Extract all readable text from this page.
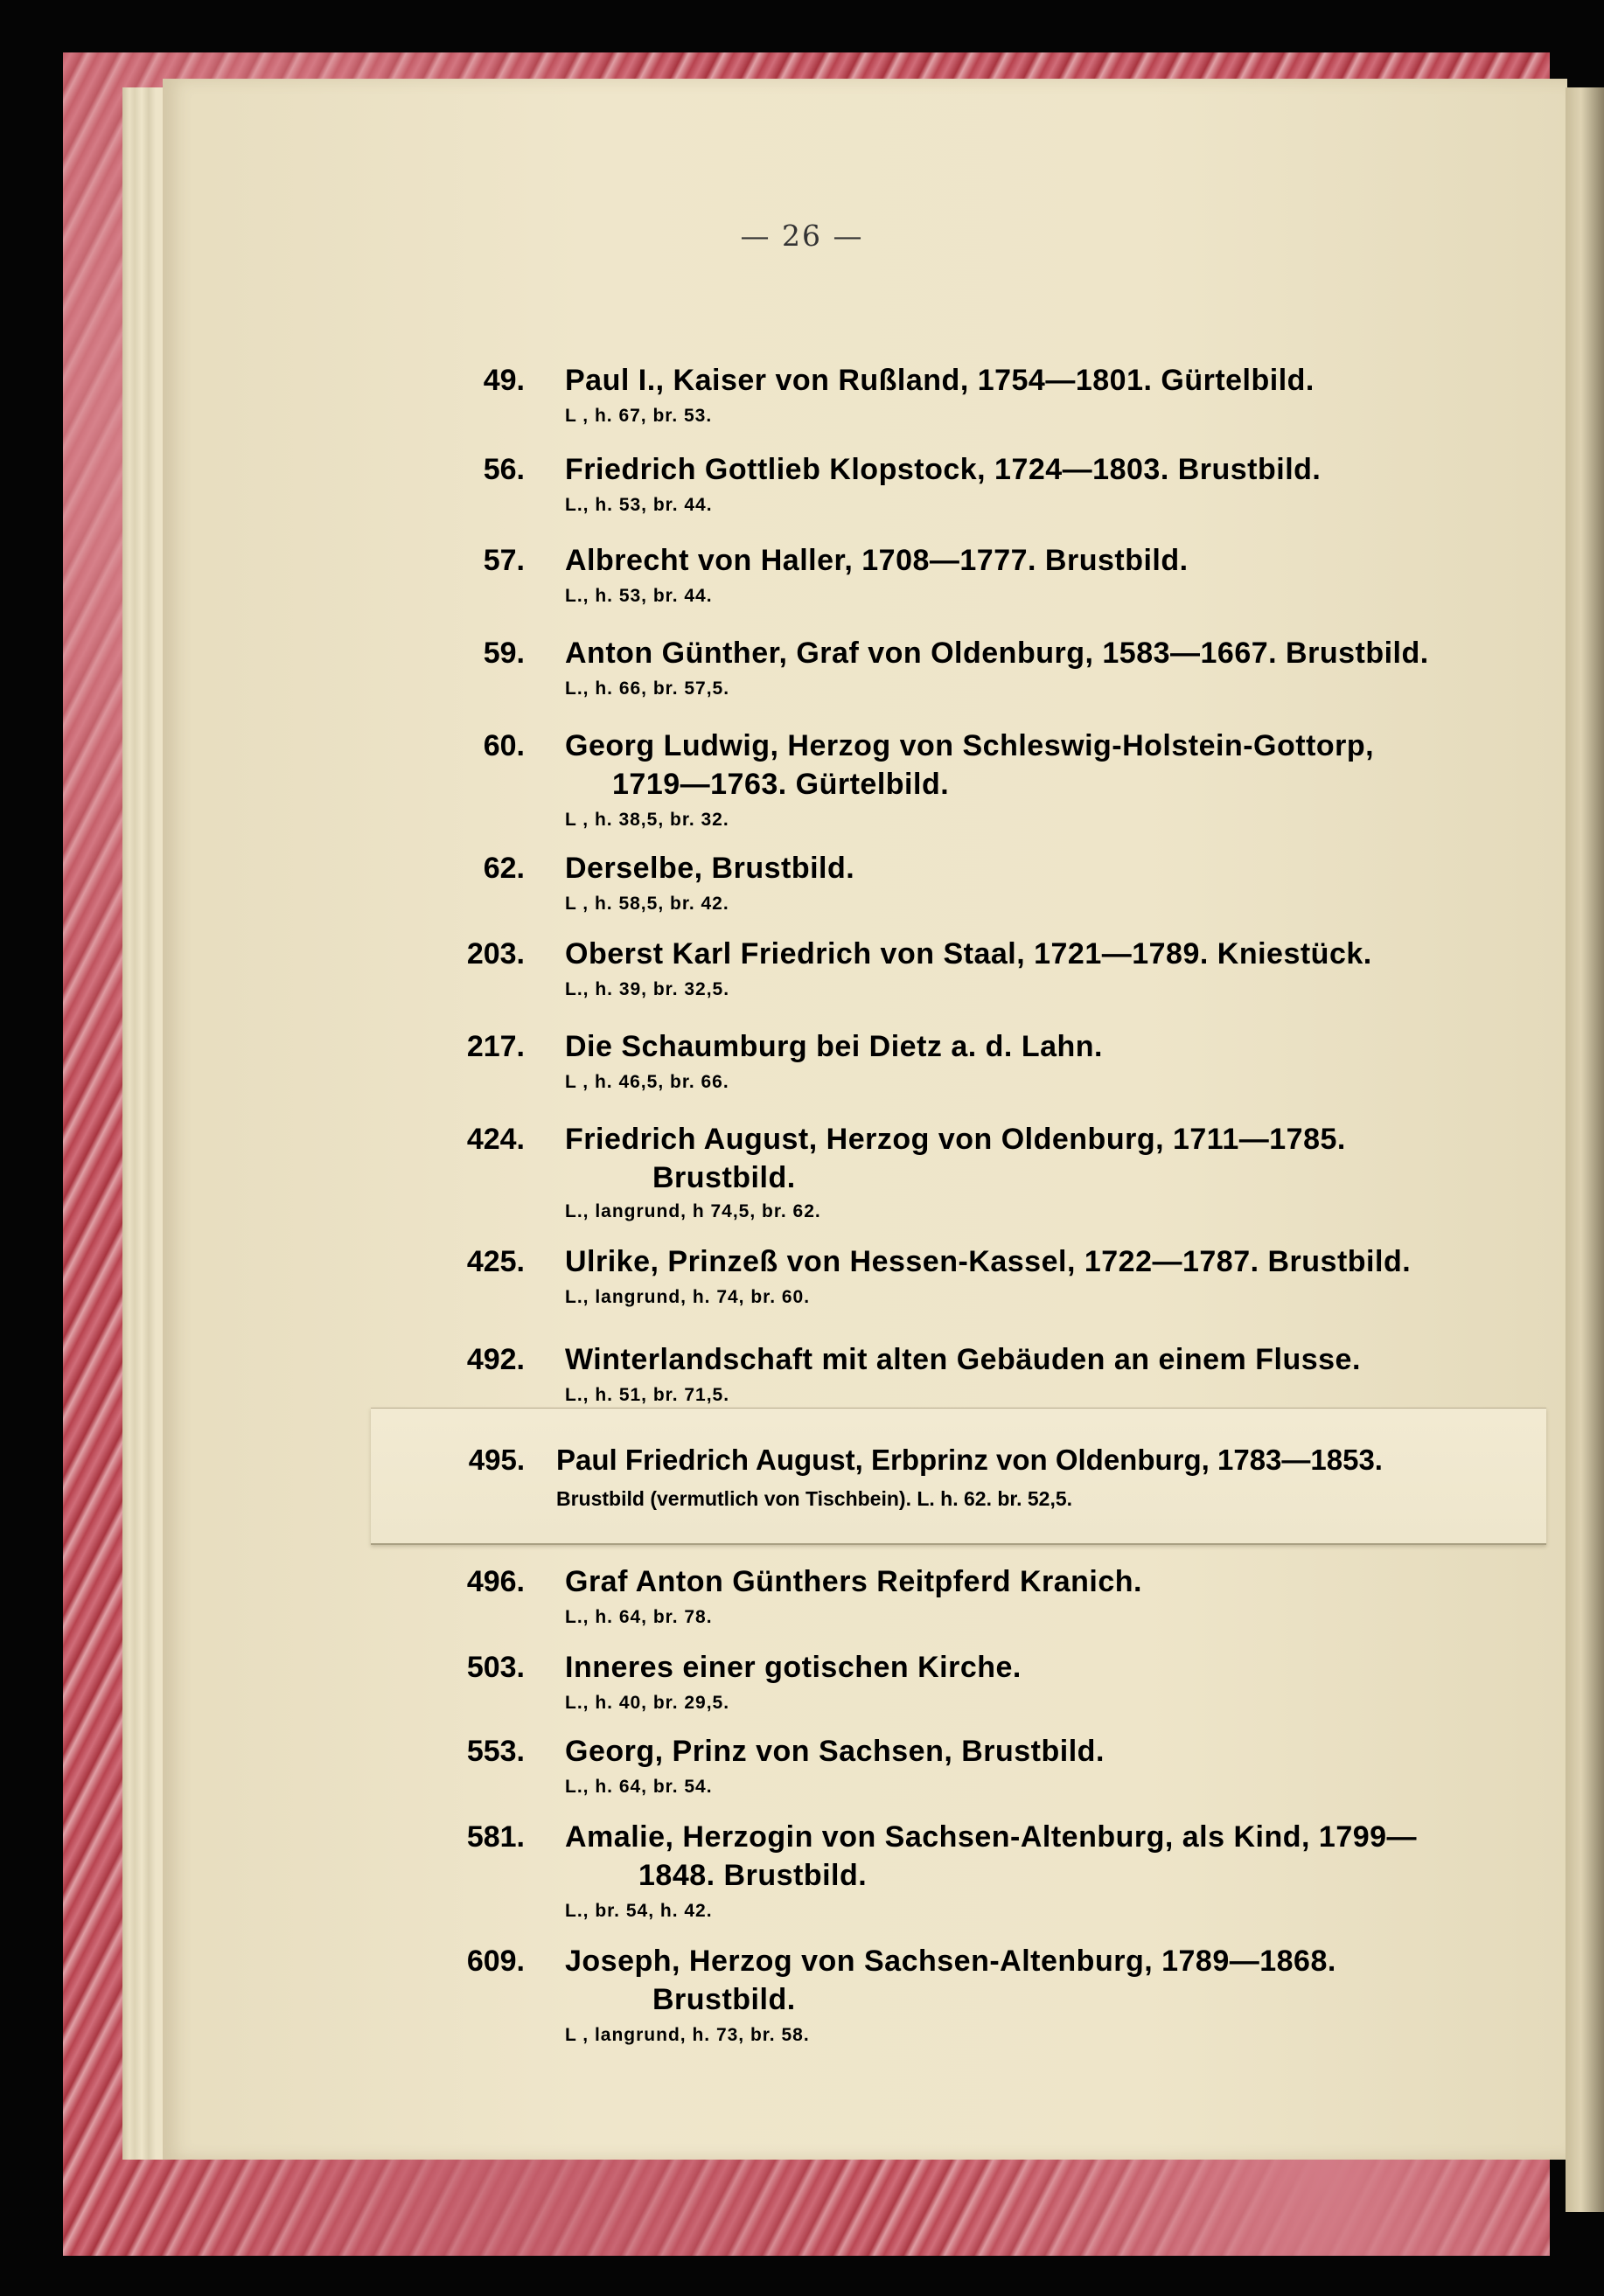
— 26 —
49. Paul I., Kaiser von Rußland, 1754—1801. Gürtelbild.
L , h. 67, br. 53.
56. Friedrich Gottlieb Klopstock, 1724—1803. Brustbild.
L., h. 53, br. 44.
57. Albrecht von Haller, 1708—1777. Brustbild.
L., h. 53, br. 44.
59. Anton Günther, Graf von Oldenburg, 1583—1667. Brustbild.
L., h. 66, br. 57,5.
60. Georg Ludwig, Herzog von Schleswig-Holstein-Gottorp,
1719—1763. Gürtelbild.
L , h. 38,5, br. 32.
62. Derselbe, Brustbild.
L , h. 58,5, br. 42.
203. Oberst Karl Friedrich von Staal, 1721—1789. Kniestück.
L., h. 39, br. 32,5.
217. Die Schaumburg bei Dietz a. d. Lahn.
L , h. 46,5, br. 66.
424. Friedrich August, Herzog von Oldenburg, 1711—1785.
Brustbild.
L., langrund, h 74,5, br. 62.
425. Ulrike, Prinzeß von Hessen-Kassel, 1722—1787. Brustbild.
L., langrund, h. 74, br. 60.
492. Winterlandschaft mit alten Gebäuden an einem Flusse.
L., h. 51, br. 71,5.
496. Graf Anton Günthers Reitpferd Kranich.
L., h. 64, br. 78.
503. Inneres einer gotischen Kirche.
L., h. 40, br. 29,5.
553. Georg, Prinz von Sachsen, Brustbild.
L., h. 64, br. 54.
581. Amalie, Herzogin von Sachsen-Altenburg, als Kind, 1799—
1848. Brustbild.
L., br. 54, h. 42.
609. Joseph, Herzog von Sachsen-Altenburg, 1789—1868.
Brustbild.
L , langrund, h. 73, br. 58.
495. Paul Friedrich August, Erbprinz von Oldenburg, 1783—1853.
Brustbild (vermutlich von Tischbein). L. h. 62. br. 52,5.
